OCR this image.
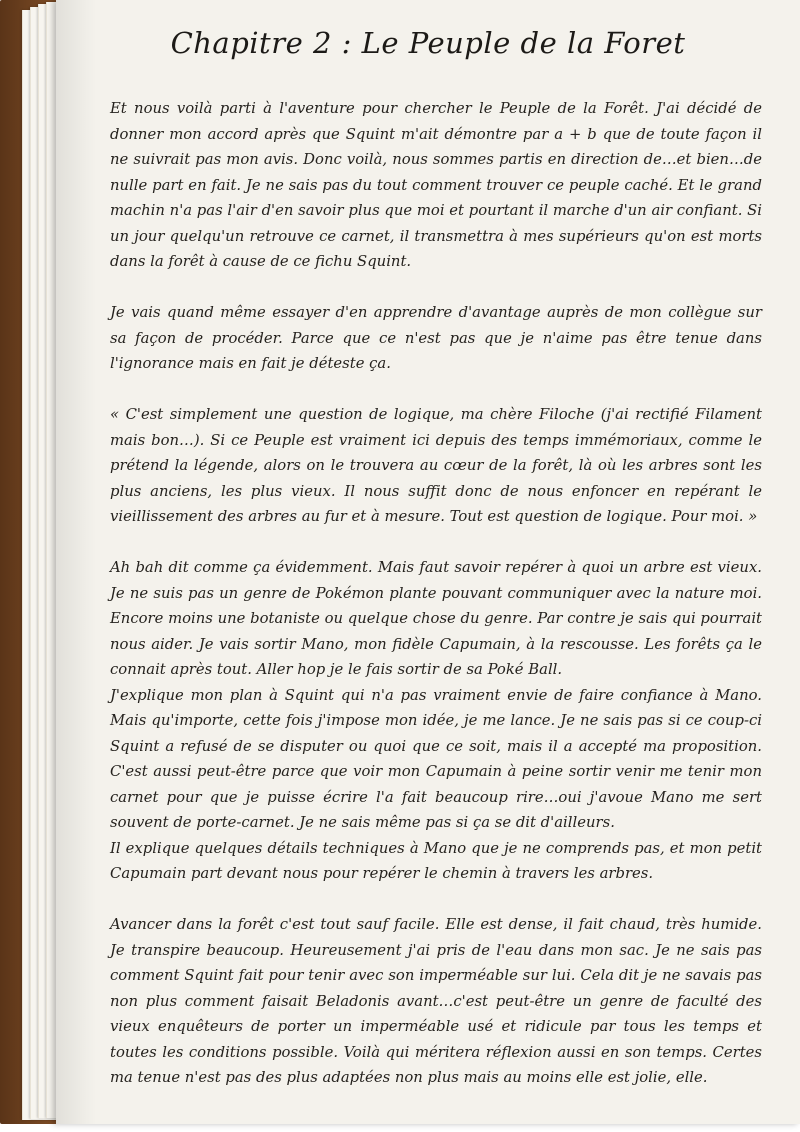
Chapitre 2 : Le Peuple de la Foret

Et nous voilà parti à l'aventure pour chercher le Peuple de la Forêt. J'ai décidé de donner mon accord après que Squint m'ait démontre par a + b que de toute façon il ne suivrait pas mon avis. Donc voilà, nous sommes partis en direction de…et bien…de nulle part en fait. Je ne sais pas du tout comment trouver ce peuple caché. Et le grand machin n'a pas l'air d'en savoir plus que moi et pourtant il marche d'un air confiant. Si un jour quelqu'un retrouve ce carnet, il transmettra à mes supérieurs qu'on est morts dans la forêt à cause de ce fichu Squint.

Je vais quand même essayer d'en apprendre d'avantage auprès de mon collègue sur sa façon de procéder. Parce que ce n'est pas que je n'aime pas être tenue dans l'ignorance mais en fait je déteste ça.

« C'est simplement une question de logique, ma chère Filoche (j'ai rectifié Filament mais bon…). Si ce Peuple est vraiment ici depuis des temps immémoriaux, comme le prétend la légende, alors on le trouvera au cœur de la forêt, là où les arbres sont les plus anciens, les plus vieux. Il nous suffit donc de nous enfoncer en repérant le vieillissement des arbres au fur et à mesure. Tout est question de logique. Pour moi. »

Ah bah dit comme ça évidemment. Mais faut savoir repérer à quoi un arbre est vieux. Je ne suis pas un genre de Pokémon plante pouvant communiquer avec la nature moi. Encore moins une botaniste ou quelque chose du genre. Par contre je sais qui pourrait nous aider. Je vais sortir Mano, mon fidèle Capumain, à la rescousse. Les forêts ça le connait après tout. Aller hop je le fais sortir de sa Poké Ball.

J'explique mon plan à Squint qui n'a pas vraiment envie de faire confiance à Mano. Mais qu'importe, cette fois j'impose mon idée, je me lance. Je ne sais pas si ce coup-ci Squint a refusé de se disputer ou quoi que ce soit, mais il a accepté ma proposition. C'est aussi peut-être parce que voir mon Capumain à peine sortir venir me tenir mon carnet pour que je puisse écrire l'a fait beaucoup rire…oui j'avoue Mano me sert souvent de porte-carnet. Je ne sais même pas si ça se dit d'ailleurs.

Il explique quelques détails techniques à Mano que je ne comprends pas, et mon petit Capumain part devant nous pour repérer le chemin à travers les arbres.

Avancer dans la forêt c'est tout sauf facile. Elle est dense, il fait chaud, très humide. Je transpire beaucoup. Heureusement j'ai pris de l'eau dans mon sac. Je ne sais pas comment Squint fait pour tenir avec son imperméable sur lui. Cela dit je ne savais pas non plus comment faisait Beladonis avant…c'est peut-être un genre de faculté des vieux enquêteurs de porter un imperméable usé et ridicule par tous les temps et toutes les conditions possible. Voilà qui méritera réflexion aussi en son temps. Certes ma tenue n'est pas des plus adaptées non plus mais au moins elle est jolie, elle.
